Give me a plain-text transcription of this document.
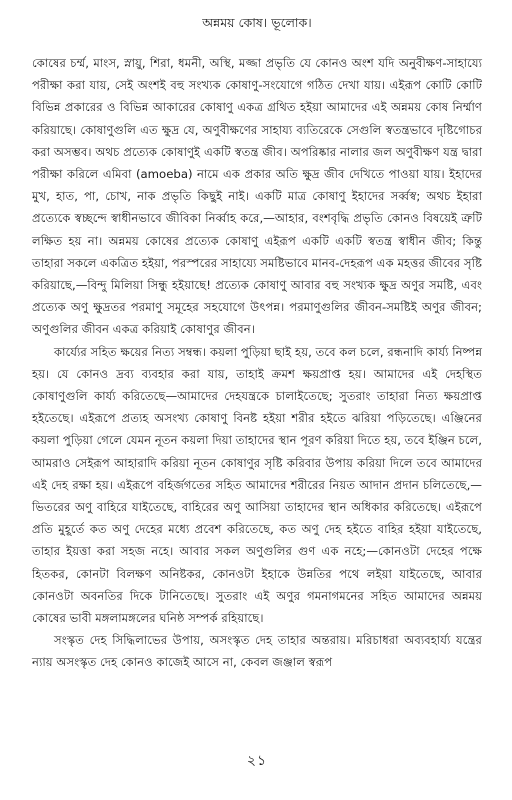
অন্নময় কোষ। ভূলোক।

কোষের চর্ম্ম, মাংস, স্নায়ু, শিরা, ধমনী, অস্থি, মজ্জা প্রভৃতি যে কোনও অংশ যদি অনুবীক্ষণ-সাহায্যে পরীক্ষা করা যায়, সেই অংশই বহু সংখ্যক কোষাণু-সংযোগে গঠিত দেখা যায়। এইরূপ কোটি কোটি বিভিন্ন প্রকারের ও বিভিন্ন আকারের কোষাণু একত্র গ্রথিত হইয়া আমাদের এই অন্নময় কোষ নির্ম্মাণ করিয়াছে। কোষাণুগুলি এত ক্ষুদ্র যে, অণুবীক্ষণের সাহায্য ব্যতিরেকে সেগুলি স্বতন্ত্রভাবে দৃষ্টিগোচর করা অসম্ভব। অথচ প্রত্যেক কোষাণুই একটি স্বতন্ত্র জীব। অপরিষ্কার নালার জল অণুবীক্ষণ যন্ত্র দ্বারা পরীক্ষা করিলে এমিবা (amoeba) নামে এক প্রকার অতি ক্ষুদ্র জীব দেখিতে পাওয়া যায়। ইহাদের মুখ, হাত, পা, চোখ, নাক প্রভৃতি কিছুই নাই। একটি মাত্র কোষাণু ইহাদের সর্ব্বস্ব; অথচ ইহারা প্রত্যেকে স্বচ্ছন্দে স্বাধীনভাবে জীবিকা নির্ব্বাহ করে,—আহার, বংশবৃদ্ধি প্রভৃতি কোনও বিষয়েই ত্রুটি লক্ষিত হয় না। অন্নময় কোষের প্রত্যেক কোষাণু এইরূপ একটি একটি স্বতন্ত্র স্বাধীন জীব; কিন্তু তাহারা সকলে একত্রিত হইয়া, পরস্পরের সাহায্যে সমষ্টিভাবে মানব-দেহরূপ এক মহত্তর জীবের সৃষ্টি করিয়াছে,—বিন্দু মিলিয়া সিন্ধু হইয়াছে! প্রত্যেক কোষাণু আবার বহু সংখ্যক ক্ষুদ্র অণুর সমষ্টি, এবং প্রত্যেক অণু ক্ষুদ্রতর পরমাণু সমূহের সহযোগে উৎপন্ন। পরমাণুগুলির জীবন-সমষ্টিই অণুর জীবন; অণুগুলির জীবন একত্র করিয়াই কোষাণুর জীবন।

কার্য্যের সহিত ক্ষয়ের নিত্য সম্বন্ধ। কয়লা পুড়িয়া ছাই হয়, তবে কল চলে, রন্ধনাদি কার্য্য নিষ্পন্ন হয়। যে কোনও দ্রব্য ব্যবহার করা যায়, তাহাই ক্রমশ ক্ষয়প্রাপ্ত হয়। আমাদের এই দেহস্থিত কোষাণুগুলি কার্য্য করিতেছে—আমাদের দেহযন্ত্রকে চালাইতেছে; সুতরাং তাহারা নিত্য ক্ষয়প্রাপ্ত হইতেছে। এইরূপে প্রত্যহ অসংখ্য কোষাণু বিনষ্ট হইয়া শরীর হইতে ঝরিয়া পড়িতেছে। এঞ্জিনের কয়লা পুড়িয়া গেলে যেমন নূতন কয়লা দিয়া তাহাদের স্থান পূরণ করিয়া দিতে হয়, তবে ইঞ্জিন চলে, আমরাও সেইরূপ আহারাদি করিয়া নূতন কোষাণুর সৃষ্টি করিবার উপায় করিয়া দিলে তবে আমাদের এই দেহ রক্ষা হয়। এইরূপে বহির্জগতের সহিত আমাদের শরীরের নিয়ত আদান প্রদান চলিতেছে,—ভিতরের অণু বাহিরে যাইতেছে, বাহিরের অণু আসিয়া তাহাদের স্থান অধিকার করিতেছে। এইরূপে প্রতি মুহূর্তে কত অণু দেহের মধ্যে প্রবেশ করিতেছে, কত অণু দেহ হইতে বাহির হইয়া যাইতেছে, তাহার ইয়ত্তা করা সহজ নহে। আবার সকল অণুগুলির গুণ এক নহে;—কোনওটা দেহের পক্ষে হিতকর, কোনটা বিলক্ষণ অনিষ্টকর, কোনওটা ইহাকে উন্নতির পথে লইয়া যাইতেছে, আবার কোনওটা অবনতির দিকে টানিতেছে। সুতরাং এই অণুর গমনাগমনের সহিত আমাদের অন্নময় কোষের ভাবী মঙ্গলামঙ্গলের ঘনিষ্ঠ সম্পর্ক রহিয়াছে।

সংস্কৃত দেহ সিদ্ধিলাভের উপায়, অসংস্কৃত দেহ তাহার অন্তরায়। মরিচাধরা অব্যবহার্য্য যন্ত্রের ন্যায় অসংস্কৃত দেহ কোনও কাজেই আসে না, কেবল জঞ্জাল স্বরূপ

২১
